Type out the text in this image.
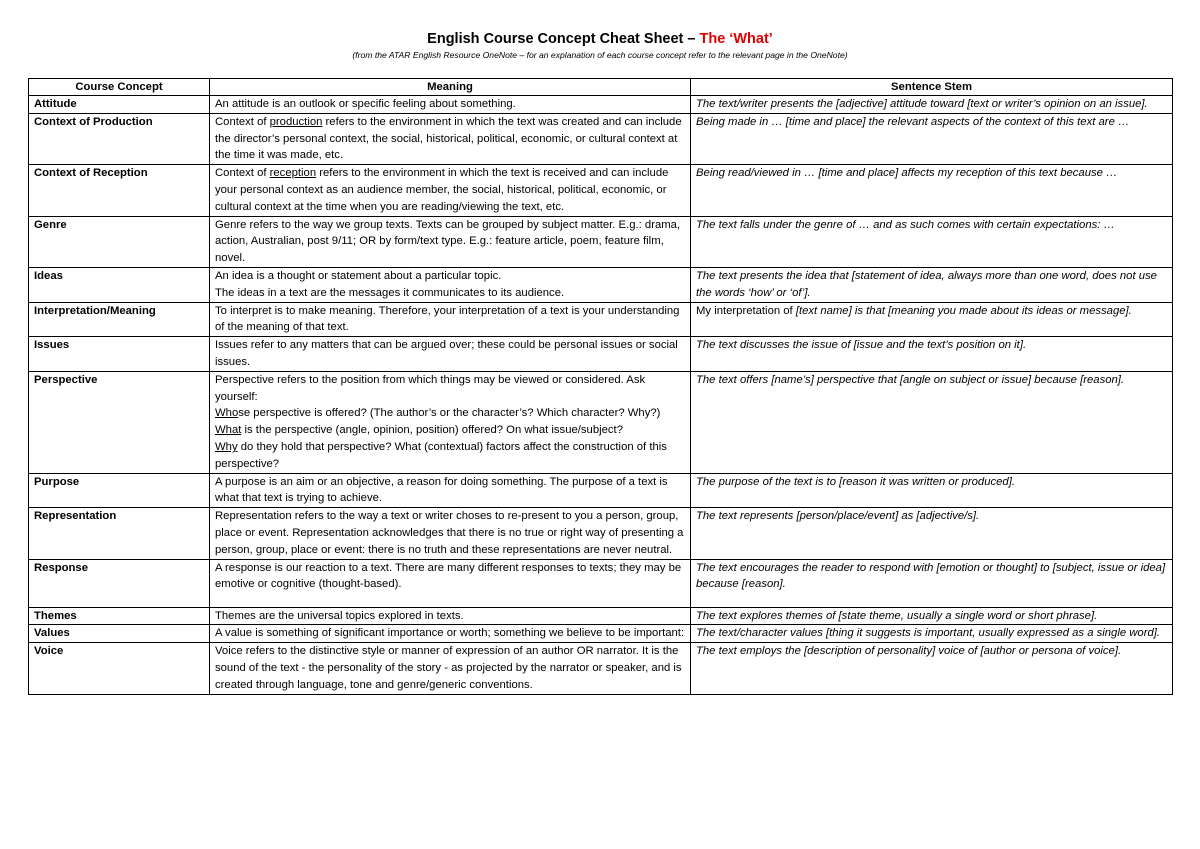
English Course Concept Cheat Sheet – The ‘What’
(from the ATAR English Resource OneNote – for an explanation of each course concept refer to the relevant page in the OneNote)
Course Concept	Meaning	Sentence Stem
Attitude	An attitude is an outlook or specific feeling about something.	The text/writer presents the [adjective] attitude toward [text or writer’s opinion on an issue].
Context of Production	Context of production refers to the environment in which the text was created and can include the director’s personal context, the social, historical, political, economic, or cultural context at the time it was made, etc.	Being made in … [time and place] the relevant aspects of the context of this text are …
Context of Reception	Context of reception refers to the environment in which the text is received and can include your personal context as an audience member, the social, historical, political, economic, or cultural context at the time when you are reading/viewing the text, etc.	Being read/viewed in … [time and place] affects my reception of this text because …
Genre	Genre refers to the way we group texts. Texts can be grouped by subject matter. E.g.: drama, action, Australian, post 9/11; OR by form/text type. E.g.: feature article, poem, feature film, novel.	The text falls under the genre of … and as such comes with certain expectations: …
Ideas	An idea is a thought or statement about a particular topic.
The ideas in a text are the messages it communicates to its audience.	The text presents the idea that [statement of idea, always more than one word, does not use the words ‘how’ or ‘of’].
Interpretation/Meaning	To interpret is to make meaning. Therefore, your interpretation of a text is your understanding of the meaning of that text.	My interpretation of [text name] is that [meaning you made about its ideas or message].
Issues	Issues refer to any matters that can be argued over; these could be personal issues or social issues.	The text discusses the issue of [issue and the text’s position on it].
Perspective	Perspective refers to the position from which things may be viewed or considered. Ask yourself:
Whose perspective is offered? (The author’s or the character’s? Which character? Why?)
What is the perspective (angle, opinion, position) offered? On what issue/subject?
Why do they hold that perspective? What (contextual) factors affect the construction of this perspective?	The text offers [name’s] perspective that [angle on subject or issue] because [reason].
Purpose	A purpose is an aim or an objective, a reason for doing something. The purpose of a text is what that text is trying to achieve.	The purpose of the text is to [reason it was written or produced].
Representation	Representation refers to the way a text or writer choses to re-present to you a person, group, place or event. Representation acknowledges that there is no true or right way of presenting a person, group, place or event: there is no truth and these representations are never neutral.	The text represents [person/place/event] as [adjective/s].
Response	A response is our reaction to a text. There are many different responses to texts; they may be emotive or cognitive (thought-based).	The text encourages the reader to respond with [emotion or thought] to [subject, issue or idea] because [reason].
Themes	Themes are the universal topics explored in texts.	The text explores themes of [state theme, usually a single word or short phrase].
Values	A value is something of significant importance or worth; something we believe to be important:	The text/character values [thing it suggests is important, usually expressed as a single word].
Voice	Voice refers to the distinctive style or manner of expression of an author OR narrator. It is the sound of the text - the personality of the story - as projected by the narrator or speaker, and is created through language, tone and genre/generic conventions.	The text employs the [description of personality] voice of [author or persona of voice].
